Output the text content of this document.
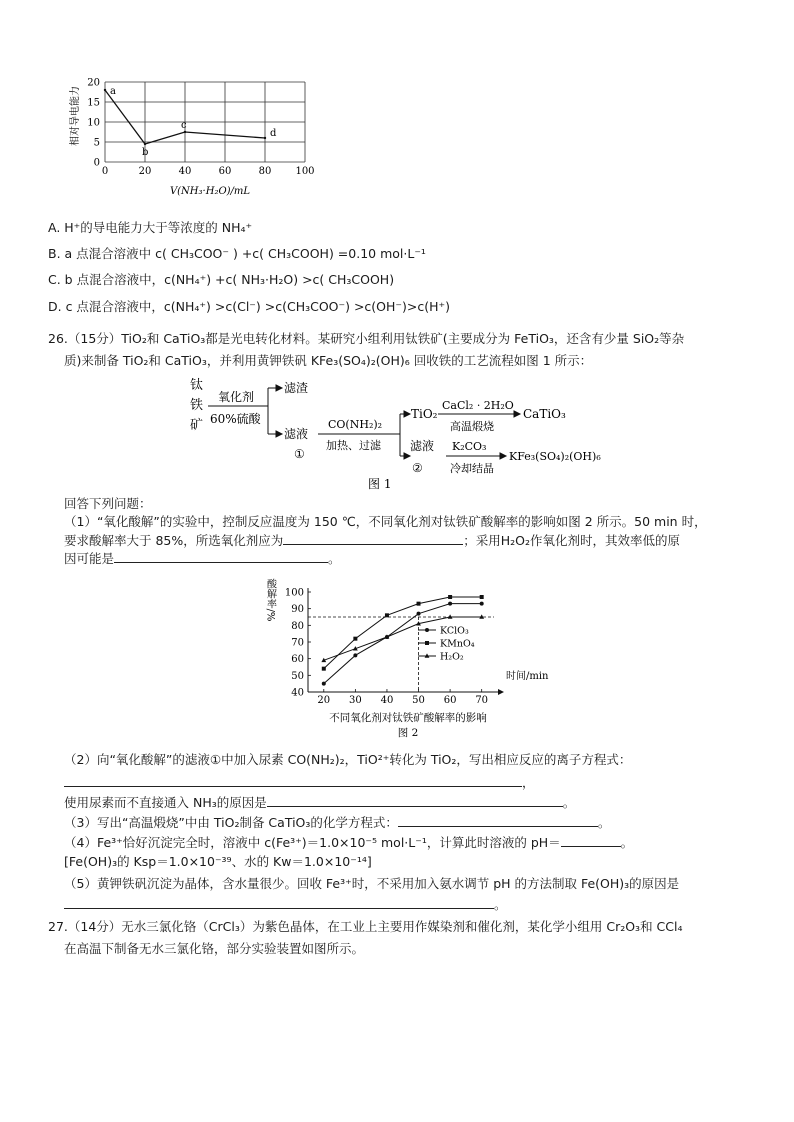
相对导电能力
0	20	40	60	80 100
0
5
10
15
20
a
b
c
d
V(NH₃·H₂O)/mL
A. H⁺的导电能力大于等浓度的 NH₄⁺
B. a 点混合溶液中 c( CH₃COO⁻ ) +c( CH₃COOH) =0.10 mol·L⁻¹
C. b 点混合溶液中，c(NH₄⁺) +c( NH₃·H₂O) >c( CH₃COOH)
D. c 点混合溶液中，c(NH₄⁺) >c(Cl⁻) >c(CH₃COO⁻) >c(OH⁻)>c(H⁺)
26.（15分）TiO₂和 CaTiO₃都是光电转化材料。某研究小组利用钛铁矿(主要成分为 FeTiO₃，还含有少量 SiO₂等杂
质)来制备 TiO₂和 CaTiO₃，并利用黄钾铁矾 KFe₃(SO₄)₂(OH)₆ 回收铁的工艺流程如图 1 所示：
钛
铁
矿
氧化剂
60%硫酸
滤渣
滤液
①
CO(NH₂)₂
加热、过滤
TiO₂
CaCl₂ · 2H₂O
高温煅烧
CaTiO₃
滤液
②
K₂CO₃
冷却结晶
KFe₃(SO₄)₂(OH)₆
图 1
回答下列问题：
（1）“氧化酸解”的实验中，控制反应温度为 150 ℃，不同氧化剂对钛铁矿酸解率的影响如图 2 所示。50 min 时，
要求酸解率大于 85%，所选氧化剂应为	；采用H₂O₂作氧化剂时，其效率低的原
因可能是	。
酸解率/%
20 30 40 50 60 70
40
50
60
70
80
90
100
KClO₃
KMnO₄
H₂O₂
时间/min
不同氧化剂对钛铁矿酸解率的影响
图 2
（2）向“氧化酸解”的滤液①中加入尿素 CO(NH₂)₂，TiO²⁺转化为 TiO₂，写出相应反应的离子方程式：
，
使用尿素而不直接通入 NH₃的原因是	。
（3）写出“高温煅烧”中由 TiO₂制备 CaTiO₃的化学方程式：	。
（4）Fe³⁺恰好沉淀完全时，溶液中 c(Fe³⁺)＝1.0×10⁻⁵ mol·L⁻¹，计算此时溶液的 pH＝	。
[Fe(OH)₃的 Ksp＝1.0×10⁻³⁹、水的 Kw＝1.0×10⁻¹⁴]
（5）黄钾铁矾沉淀为晶体，含水量很少。回收 Fe³⁺时，不采用加入氨水调节 pH 的方法制取 Fe(OH)₃的原因是
。
27.（14分）无水三氯化铬（CrCl₃）为紫色晶体，在工业上主要用作媒染剂和催化剂，某化学小组用 Cr₂O₃和 CCl₄
在高温下制备无水三氯化铬，部分实验装置如图所示。
